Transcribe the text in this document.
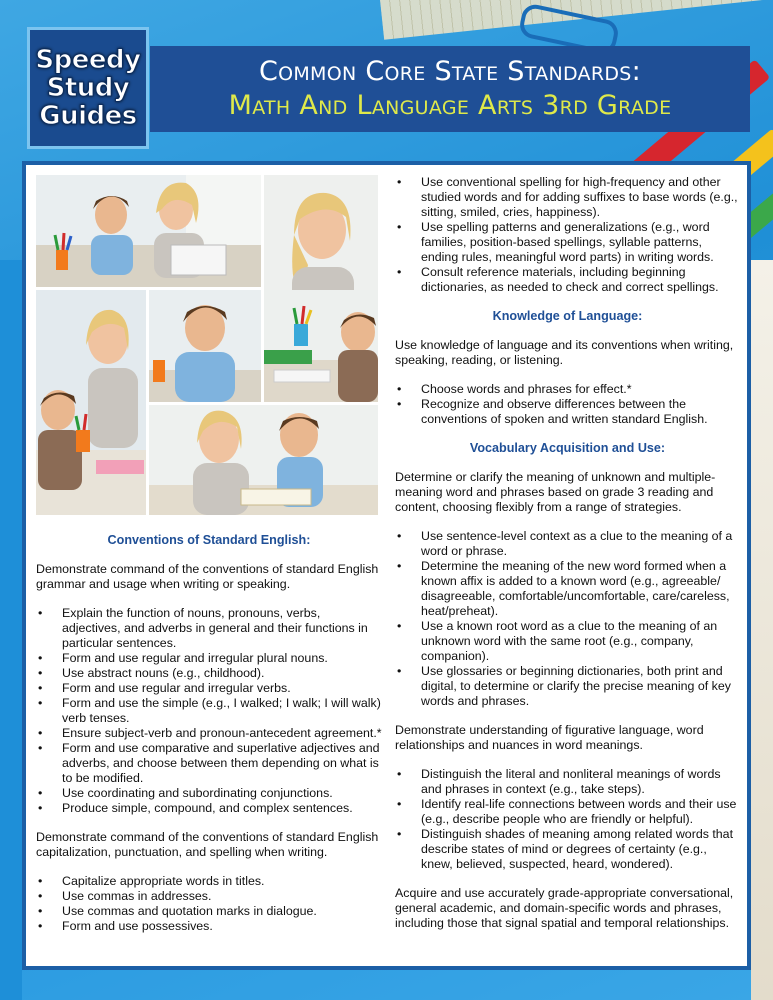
Speedy
Study
Guides
Common Core State Standards:
Math And Language Arts 3rd Grade
Conventions of Standard English:
Demonstrate command of the conventions of standard English grammar and usage when writing or speaking.
• Explain the function of nouns, pronouns, verbs, adjectives, and adverbs in general and their functions in particular sentences.
• Form and use regular and irregular plural nouns.
• Use abstract nouns (e.g., childhood).
• Form and use regular and irregular verbs.
• Form and use the simple (e.g., I walked; I walk; I will walk) verb tenses.
• Ensure subject-verb and pronoun-antecedent agreement.*
• Form and use comparative and superlative adjectives and adverbs, and choose between them depending on what is to be modified.
• Use coordinating and subordinating conjunctions.
• Produce simple, compound, and complex sentences.
Demonstrate command of the conventions of standard English capitalization, punctuation, and spelling when writing.
• Capitalize appropriate words in titles.
• Use commas in addresses.
• Use commas and quotation marks in dialogue.
• Form and use possessives.
• Use conventional spelling for high-frequency and other studied words and for adding suffixes to base words (e.g., sitting, smiled, cries, happiness).
• Use spelling patterns and generalizations (e.g., word families, position-based spellings, syllable patterns, ending rules, meaningful word parts) in writing words.
• Consult reference materials, including beginning dictionaries, as needed to check and correct spellings.
Knowledge of Language:
Use knowledge of language and its conventions when writing, speaking, reading, or listening.
• Choose words and phrases for effect.*
• Recognize and observe differences between the conventions of spoken and written standard English.
Vocabulary Acquisition and Use:
Determine or clarify the meaning of unknown and multiple-meaning word and phrases based on grade 3 reading and content, choosing flexibly from a range of strategies.
• Use sentence-level context as a clue to the meaning of a word or phrase.
• Determine the meaning of the new word formed when a known affix is added to a known word (e.g., agreeable/ disagreeable, comfortable/uncomfortable, care/careless, heat/preheat).
• Use a known root word as a clue to the meaning of an unknown word with the same root (e.g., company, companion).
• Use glossaries or beginning dictionaries, both print and digital, to determine or clarify the precise meaning of key words and phrases.
Demonstrate understanding of figurative language, word relationships and nuances in word meanings.
• Distinguish the literal and nonliteral meanings of words and phrases in context (e.g., take steps).
• Identify real-life connections between words and their use (e.g., describe people who are friendly or helpful).
• Distinguish shades of meaning among related words that describe states of mind or degrees of certainty (e.g., knew, believed, suspected, heard, wondered).
Acquire and use accurately grade-appropriate conversational, general academic, and domain-specific words and phrases, including those that signal spatial and temporal relationships.
